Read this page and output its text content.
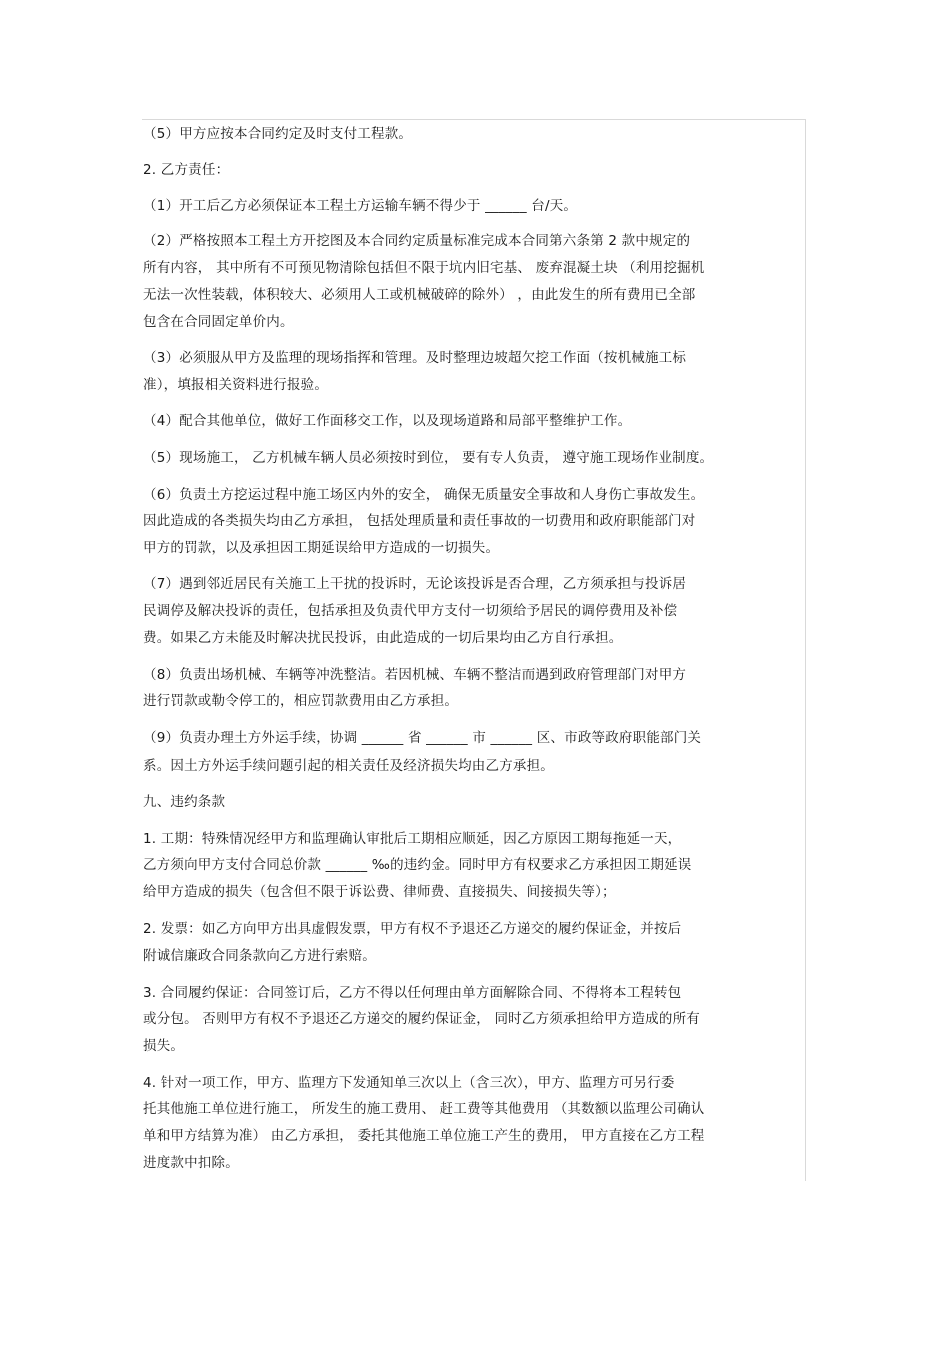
（5）甲方应按本合同约定及时支付工程款。
2. 乙方责任：
（1）开工后乙方必须保证本工程土方运输车辆不得少于 ______ 台/天。
（2）严格按照本工程土方开挖图及本合同约定质量标准完成本合同第六条第 2 款中规定的
所有内容， 其中所有不可预见物清除包括但不限于坑内旧宅基、 废弃混凝土块 （利用挖掘机
无法一次性装载，体积较大、必须用人工或机械破碎的除外） ，由此发生的所有费用已全部
包含在合同固定单价内。
（3）必须服从甲方及监理的现场指挥和管理。及时整理边坡超欠挖工作面（按机械施工标
准），填报相关资料进行报验。
（4）配合其他单位，做好工作面移交工作，以及现场道路和局部平整维护工作。
（5）现场施工， 乙方机械车辆人员必须按时到位， 要有专人负责， 遵守施工现场作业制度。
（6）负责土方挖运过程中施工场区内外的安全， 确保无质量安全事故和人身伤亡事故发生。
因此造成的各类损失均由乙方承担， 包括处理质量和责任事故的一切费用和政府职能部门对
甲方的罚款，以及承担因工期延误给甲方造成的一切损失。
（7）遇到邻近居民有关施工上干扰的投诉时，无论该投诉是否合理，乙方须承担与投诉居
民调停及解决投诉的责任，包括承担及负责代甲方支付一切须给予居民的调停费用及补偿
费。如果乙方未能及时解决扰民投诉，由此造成的一切后果均由乙方自行承担。
（8）负责出场机械、车辆等冲洗整洁。若因机械、车辆不整洁而遇到政府管理部门对甲方
进行罚款或勒令停工的，相应罚款费用由乙方承担。
（9）负责办理土方外运手续，协调 ______ 省 ______ 市 ______ 区、市政等政府职能部门关
系。因土方外运手续问题引起的相关责任及经济损失均由乙方承担。
九、违约条款
1. 工期：特殊情况经甲方和监理确认审批后工期相应顺延，因乙方原因工期每拖延一天，
乙方须向甲方支付合同总价款 ______ ‰的违约金。同时甲方有权要求乙方承担因工期延误
给甲方造成的损失（包含但不限于诉讼费、律师费、直接损失、间接损失等）；
2. 发票：如乙方向甲方出具虚假发票，甲方有权不予退还乙方递交的履约保证金，并按后
附诚信廉政合同条款向乙方进行索赔。
3. 合同履约保证：合同签订后，乙方不得以任何理由单方面解除合同、不得将本工程转包
或分包。 否则甲方有权不予退还乙方递交的履约保证金， 同时乙方须承担给甲方造成的所有
损失。
4. 针对一项工作，甲方、监理方下发通知单三次以上（含三次），甲方、监理方可另行委
托其他施工单位进行施工， 所发生的施工费用、 赶工费等其他费用 （其数额以监理公司确认
单和甲方结算为准） 由乙方承担， 委托其他施工单位施工产生的费用， 甲方直接在乙方工程
进度款中扣除。
